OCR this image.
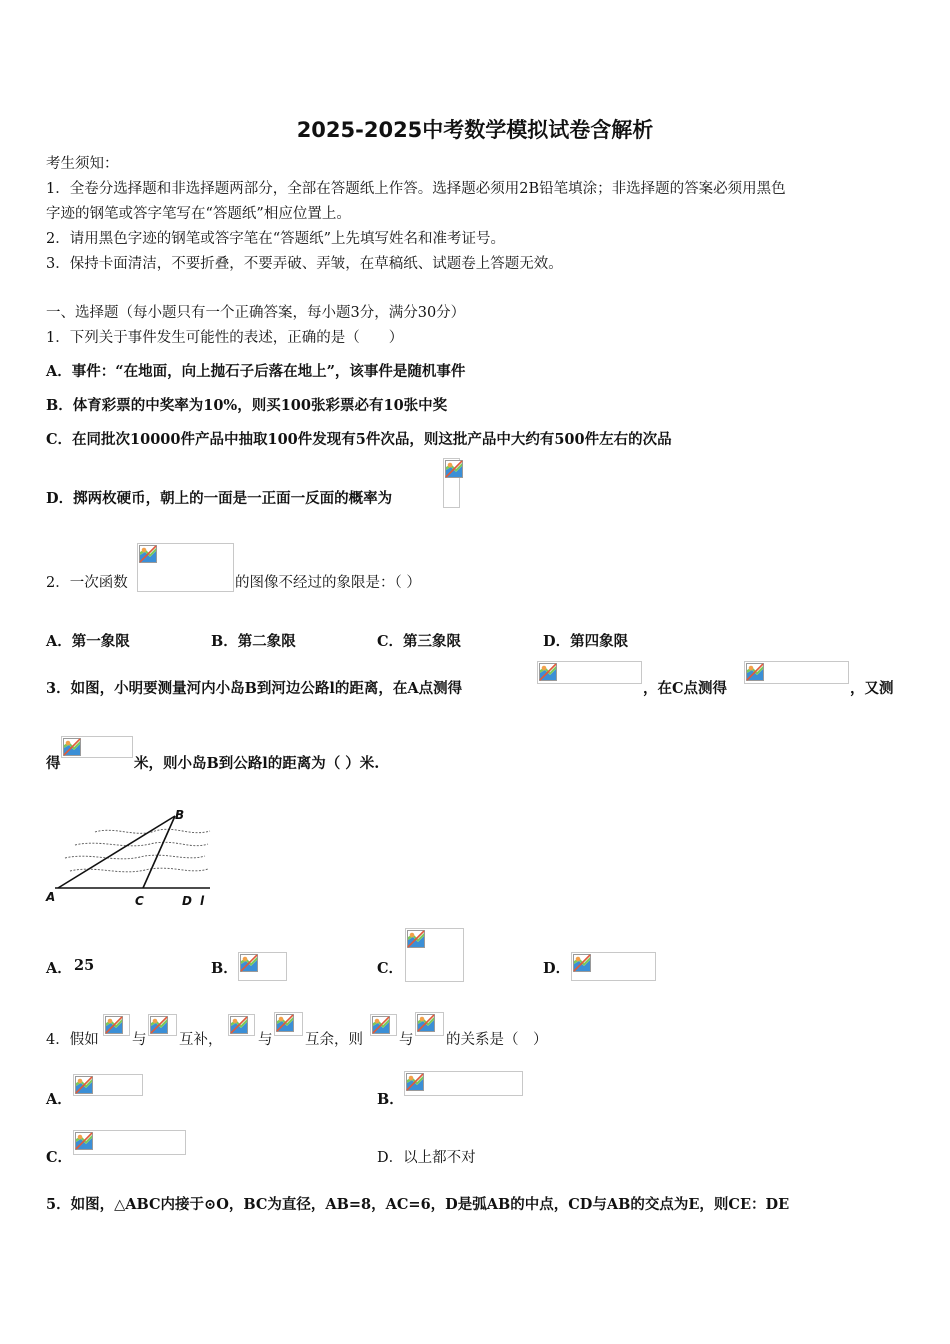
2025-2025中考数学模拟试卷含解析
考生须知：
1．全卷分选择题和非选择题两部分，全部在答题纸上作答。选择题必须用2B铅笔填涂；非选择题的答案必须用黑色
字迹的钢笔或答字笔写在“答题纸”相应位置上。
2．请用黑色字迹的钢笔或答字笔在“答题纸”上先填写姓名和准考证号。
3．保持卡面清洁，不要折叠，不要弄破、弄皱，在草稿纸、试题卷上答题无效。
一、选择题（每小题只有一个正确答案，每小题3分，满分30分）
1．下列关于事件发生可能性的表述，正确的是（　　）
A．事件：“在地面，向上抛石子后落在地上”，该事件是随机事件
B．体育彩票的中奖率为10%，则买100张彩票必有10张中奖
C．在同批次10000件产品中抽取100件发现有5件次品，则这批产品中大约有500件左右的次品
D．掷两枚硬币，朝上的一面是一正面一反面的概率为
2．一次函数	的图像不经过的象限是：（ ）
A．第一象限	B．第二象限	C．第三象限	D．第四象限
3．如图，小明要测量河内小岛B到河边公路l的距离，在A点测得	，在C点测得	，又测
得	米，则小岛B到公路l的距离为（ ）米.
B
A	C	D l
A． 25	B．	C．	D．
4．假如 与 互补， 与 互余，则 与 的关系是（　）
A．	B．
C．	D．以上都不对
5．如图，△ABC内接于⊙O，BC为直径，AB=8，AC=6，D是弧AB的中点，CD与AB的交点为E，则CE：DE
